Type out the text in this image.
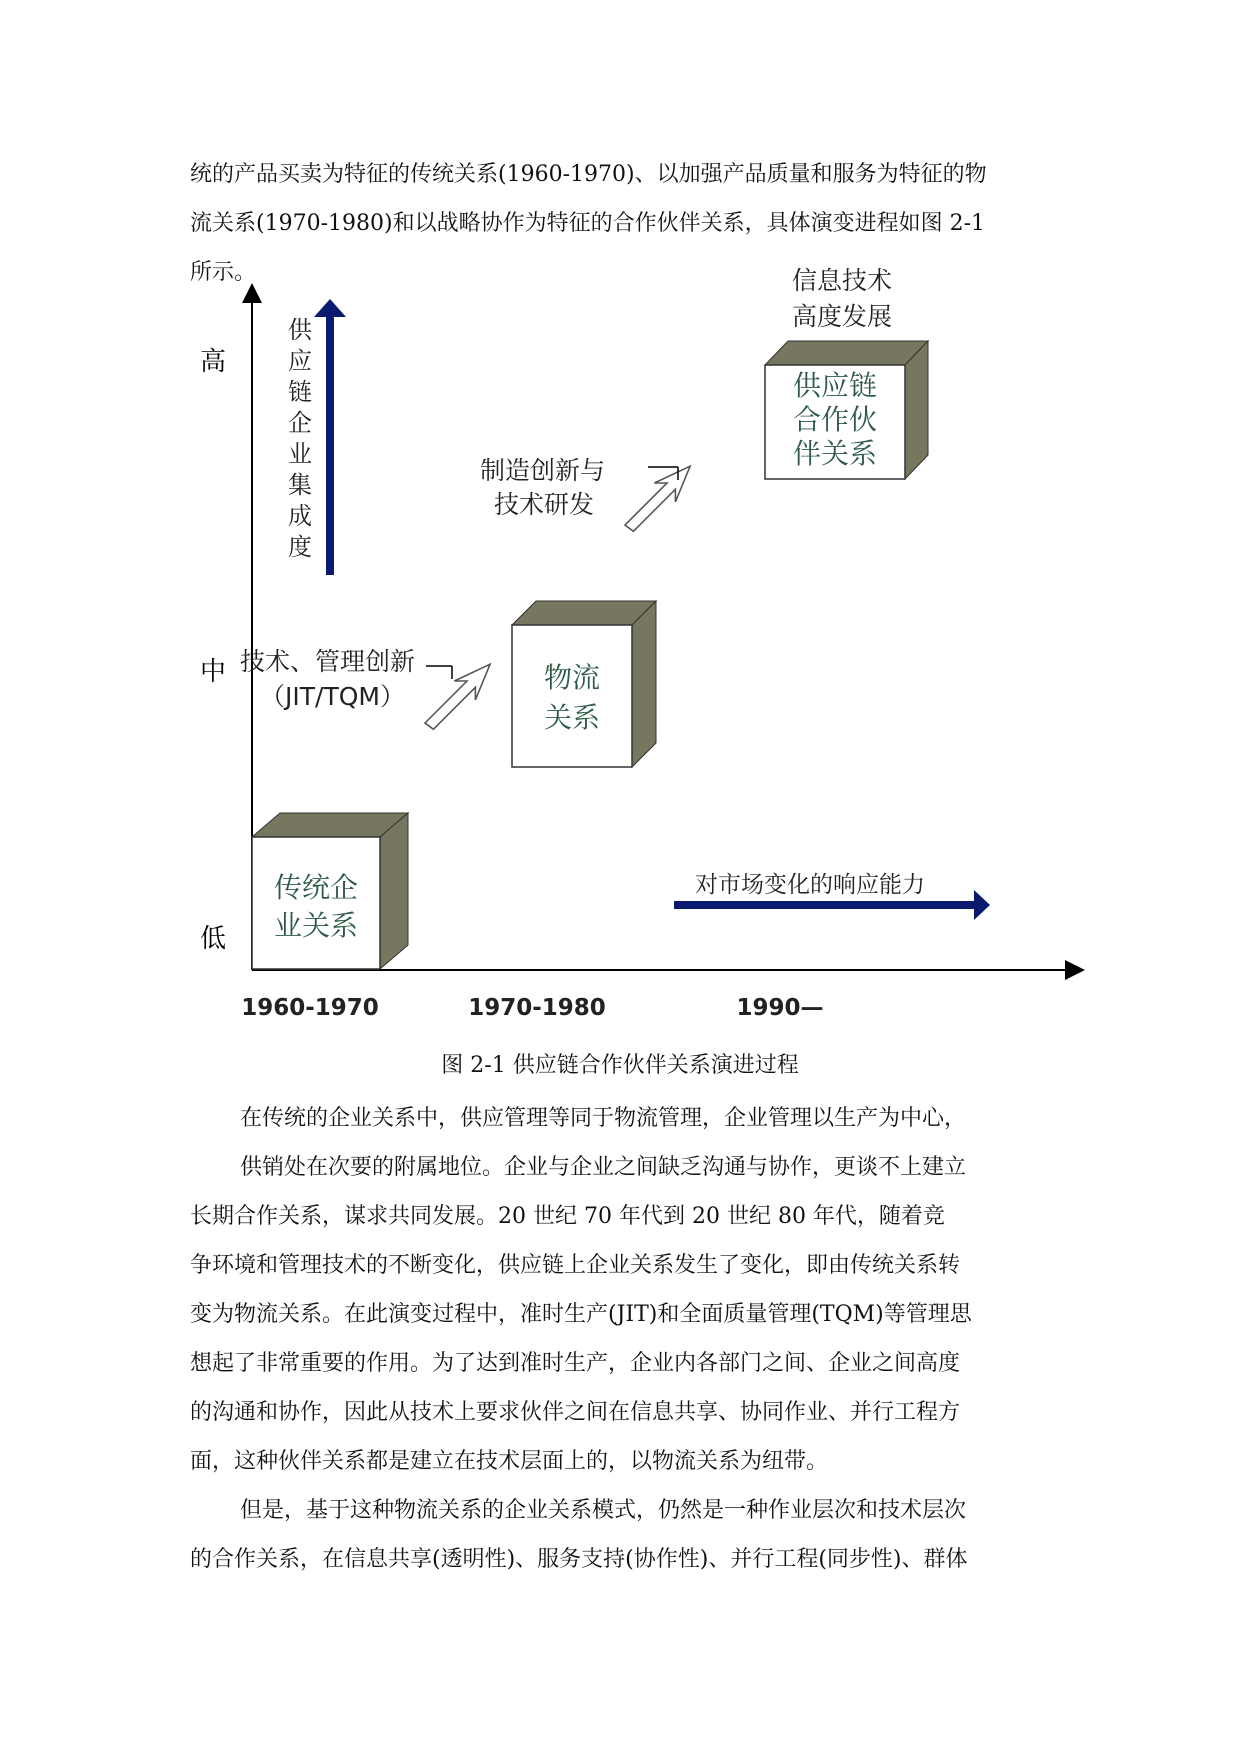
统的产品买卖为特征的传统关系(1960-1970)、以加强产品质量和服务为特征的物
流关系(1970-1980)和以战略协作为特征的合作伙伴关系，具体演变进程如图 2-1
所示。
高
中
低
供
应
链
企
业
集
成
度
对市场变化的响应能力
传统企
业关系
物流
关系
供应链
合作伙
伴关系
技术、管理创新
（JIT/TQM）
制造创新与
技术研发
信息技术
高度发展
1960-1970	1970-1980	1990—
图 2-1 供应链合作伙伴关系演进过程
在传统的企业关系中，供应管理等同于物流管理，企业管理以生产为中心，
供销处在次要的附属地位。企业与企业之间缺乏沟通与协作，更谈不上建立
长期合作关系，谋求共同发展。20 世纪 70 年代到 20 世纪 80 年代，随着竞
争环境和管理技术的不断变化，供应链上企业关系发生了变化，即由传统关系转
变为物流关系。在此演变过程中，准时生产(JIT)和全面质量管理(TQM)等管理思
想起了非常重要的作用。为了达到准时生产，企业内各部门之间、企业之间高度
的沟通和协作，因此从技术上要求伙伴之间在信息共享、协同作业、并行工程方
面，这种伙伴关系都是建立在技术层面上的，以物流关系为纽带。
但是，基于这种物流关系的企业关系模式，仍然是一种作业层次和技术层次
的合作关系，在信息共享(透明性)、服务支持(协作性)、并行工程(同步性)、群体
